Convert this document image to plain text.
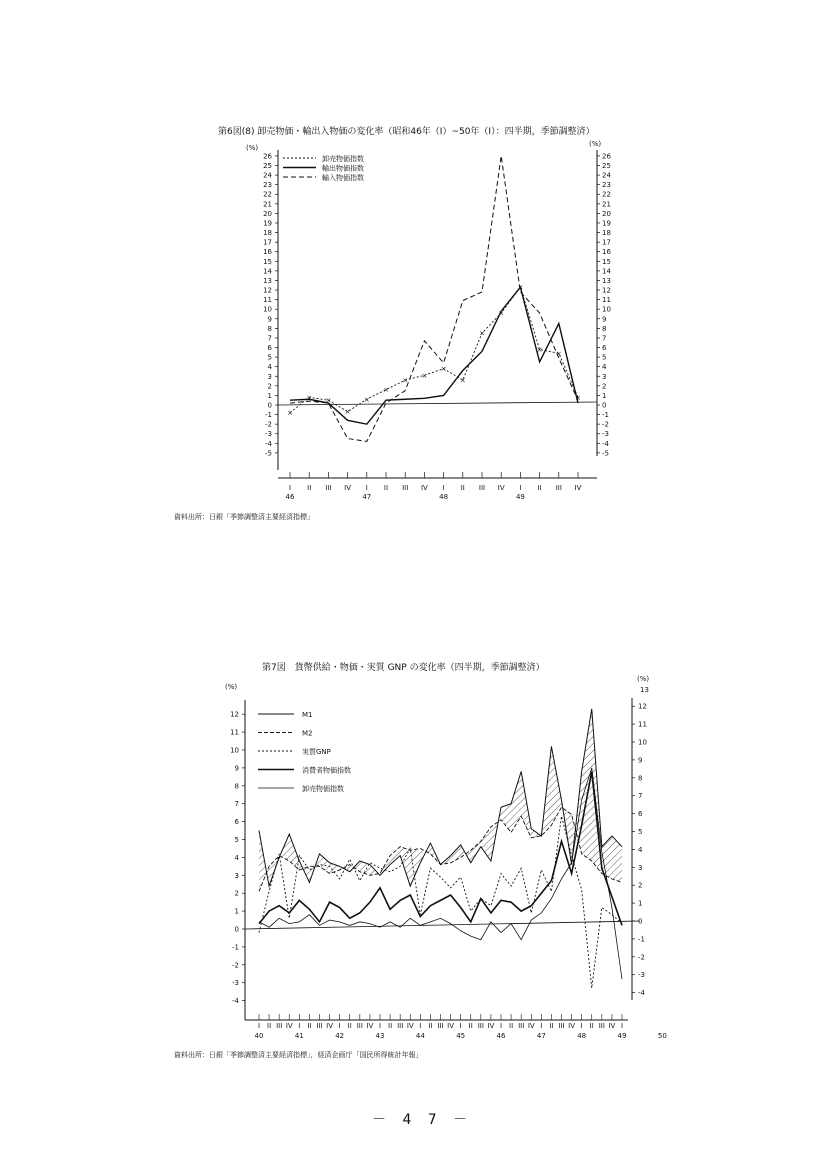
第6図(8) 卸売物価・輸出入物価の変化率（昭和46年（I）~50年（I）：四半期，季節調整済）
(%)	(%)
-5	-5
-4	-4
-3	-3
-2	-2
-1	-1
0	0
1	1
2	2
3	3
4	4
5	5
6	6
7	7
8	8
9	9
10	10
11	11
12	12
13	13
14	14
15	15
16	16
17	17
18	18
19	19
20	20
21	21
22	22
23	23
24	24
25	25
26	26
I II III IV I II III IV I II III IV I II III IV
46	47	48	49
×
× ×
×
×
×
×
×
×
×
×
×
×
× ×
×
卸売物価指数
輸出物価指数
輸入物価指数
資料出所：日銀「季節調整済主要経済指標」
第7図　貨幣供給・物価・実質 GNP の変化率（四半期，季節調整済）
(%)
(%)
13
-4
-4
-3
-3
-2
-2
-1
-1
0
0
1
1
2
2
3
3
4
4
5
5
6
6
7
7
8
8
9
9
10
10
11
11
12
12
I II III IV I II III IV I II III IV I II III IV I II III IV I II III IV I II III IV I II III IV I II III IV I
40	41	42	43	44	45	46	47	48	49	50
M1
M2
実質GNP
消費者物価指数
卸売物価指数
資料出所：日銀「季節調整済主要経済指標」，経済企画庁「国民所得統計年報」
－ 4 7 －
